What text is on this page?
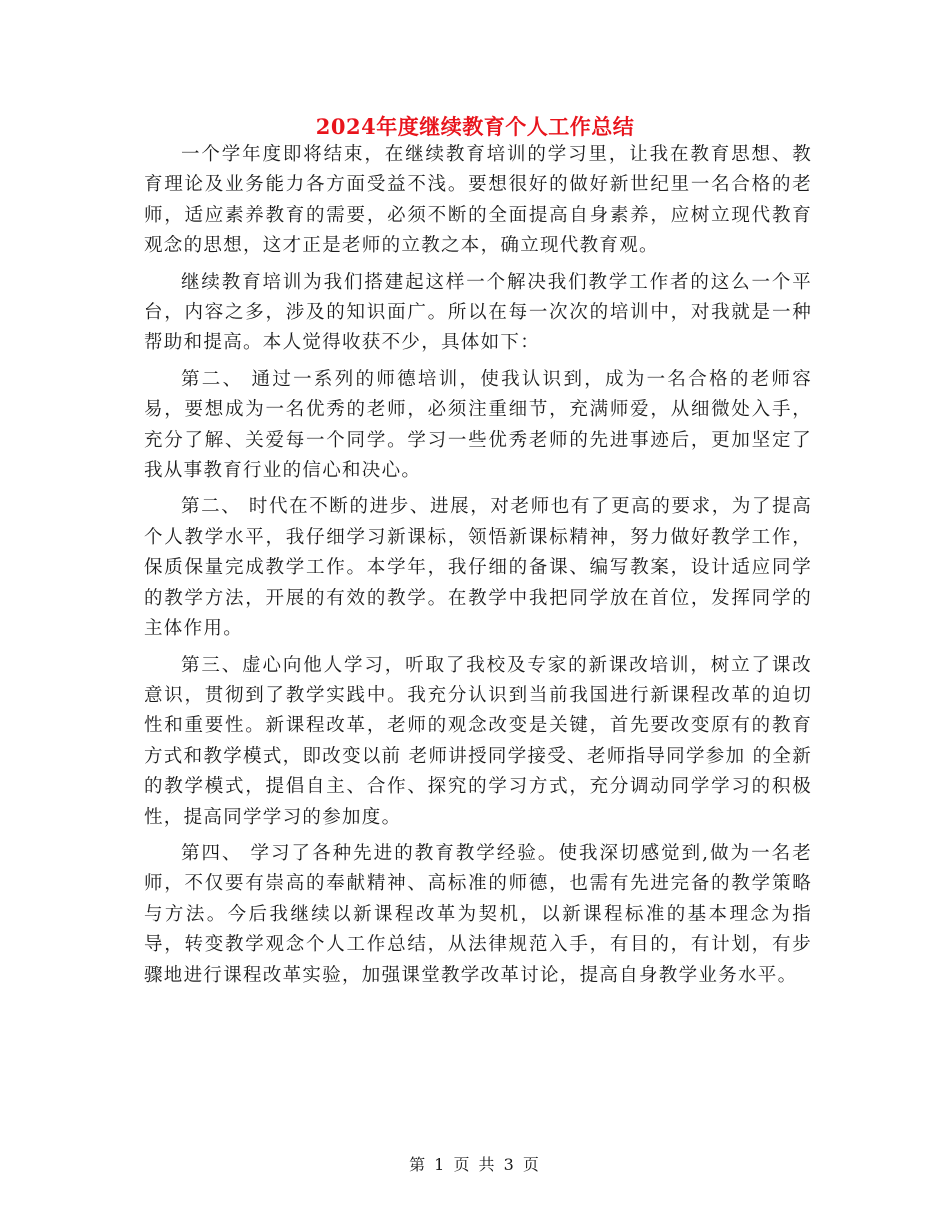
2024年度继续教育个人工作总结

一个学年度即将结束，在继续教育培训的学习里，让我在教育思想、教育理论及业务能力各方面受益不浅。要想很好的做好新世纪里一名合格的老师，适应素养教育的需要，必须不断的全面提高自身素养，应树立现代教育观念的思想，这才正是老师的立教之本，确立现代教育观。

继续教育培训为我们搭建起这样一个解决我们教学工作者的这么一个平台，内容之多，涉及的知识面广。所以在每一次次的培训中，对我就是一种帮助和提高。本人觉得收获不少，具体如下：

第二、 通过一系列的师德培训，使我认识到，成为一名合格的老师容易，要想成为一名优秀的老师，必须注重细节，充满师爱，从细微处入手，充分了解、关爱每一个同学。学习一些优秀老师的先进事迹后，更加坚定了我从事教育行业的信心和决心。

第二、 时代在不断的进步、进展，对老师也有了更高的要求，为了提高个人教学水平，我仔细学习新课标，领悟新课标精神，努力做好教学工作，保质保量完成教学工作。本学年，我仔细的备课、编写教案，设计适应同学的教学方法，开展的有效的教学。在教学中我把同学放在首位，发挥同学的主体作用。

第三、虚心向他人学习，听取了我校及专家的新课改培训，树立了课改意识，贯彻到了教学实践中。我充分认识到当前我国进行新课程改革的迫切性和重要性。新课程改革，老师的观念改变是关键，首先要改变原有的教育方式和教学模式，即改变以前 老师讲授同学接受、老师指导同学参加 的全新的教学模式，提倡自主、合作、探究的学习方式，充分调动同学学习的积极性，提高同学学习的参加度。

第四、 学习了各种先进的教育教学经验。使我深切感觉到,做为一名老师，不仅要有崇高的奉献精神、高标准的师德，也需有先进完备的教学策略与方法。今后我继续以新课程改革为契机，以新课程标准的基本理念为指导，转变教学观念个人工作总结，从法律规范入手，有目的，有计划，有步骤地进行课程改革实验，加强课堂教学改革讨论，提高自身教学业务水平。

第 1 页 共 3 页
